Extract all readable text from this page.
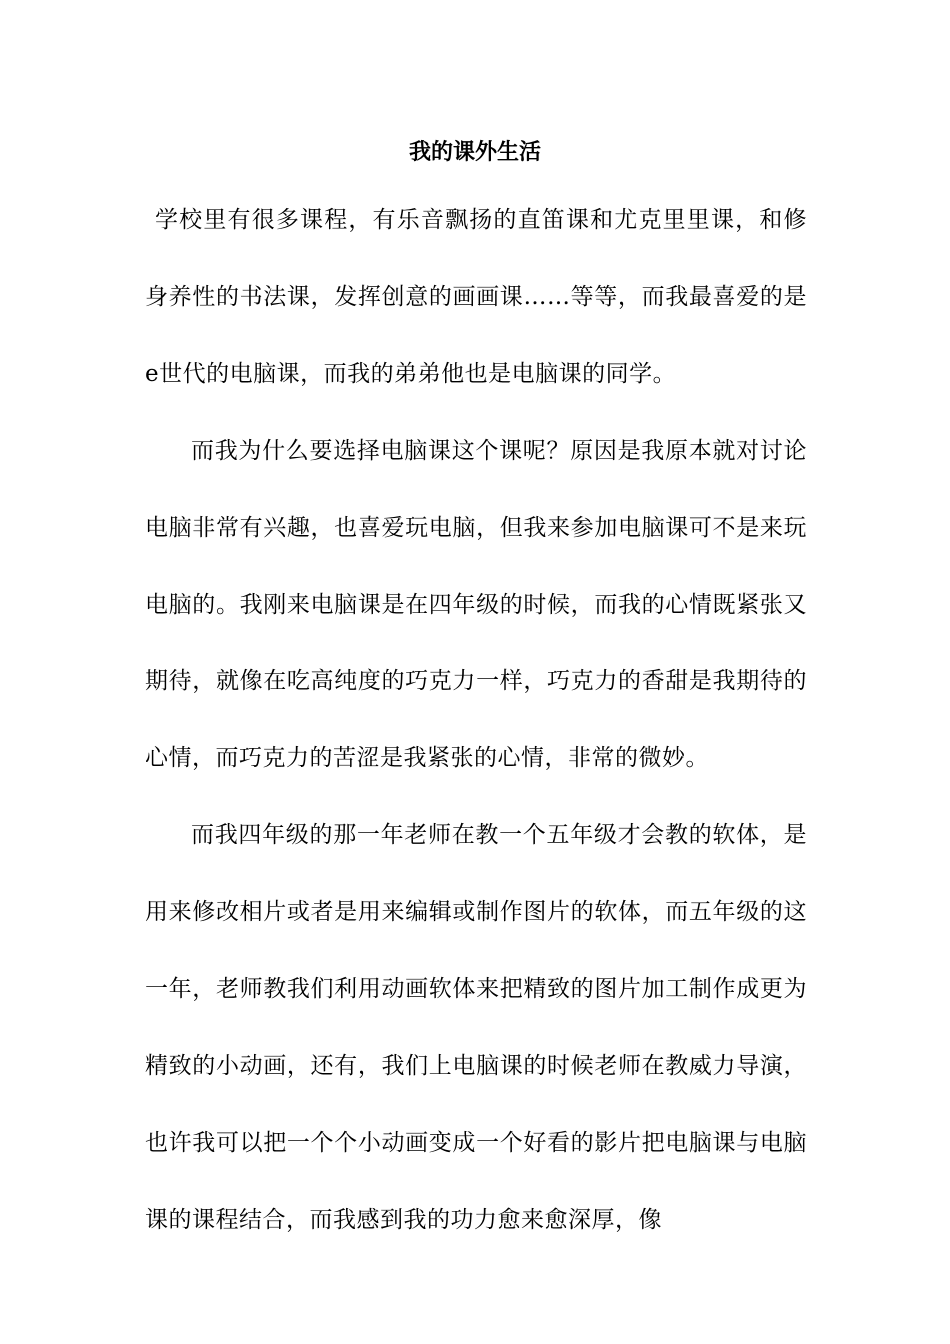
我的课外生活

学校里有很多课程，有乐音飘扬的直笛课和尤克里里课，和修身养性的书法课，发挥创意的画画课……等等，而我最喜爱的是e世代的电脑课，而我的弟弟他也是电脑课的同学。

而我为什么要选择电脑课这个课呢？原因是我原本就对讨论电脑非常有兴趣，也喜爱玩电脑，但我来参加电脑课可不是来玩电脑的。我刚来电脑课是在四年级的时候，而我的心情既紧张又期待，就像在吃高纯度的巧克力一样，巧克力的香甜是我期待的心情，而巧克力的苦涩是我紧张的心情，非常的微妙。

而我四年级的那一年老师在教一个五年级才会教的软体，是用来修改相片或者是用来编辑或制作图片的软体，而五年级的这一年，老师教我们利用动画软体来把精致的图片加工制作成更为精致的小动画，还有，我们上电脑课的时候老师在教威力导演，也许我可以把一个个小动画变成一个好看的影片把电脑课与电脑课的课程结合，而我感到我的功力愈来愈深厚，像
